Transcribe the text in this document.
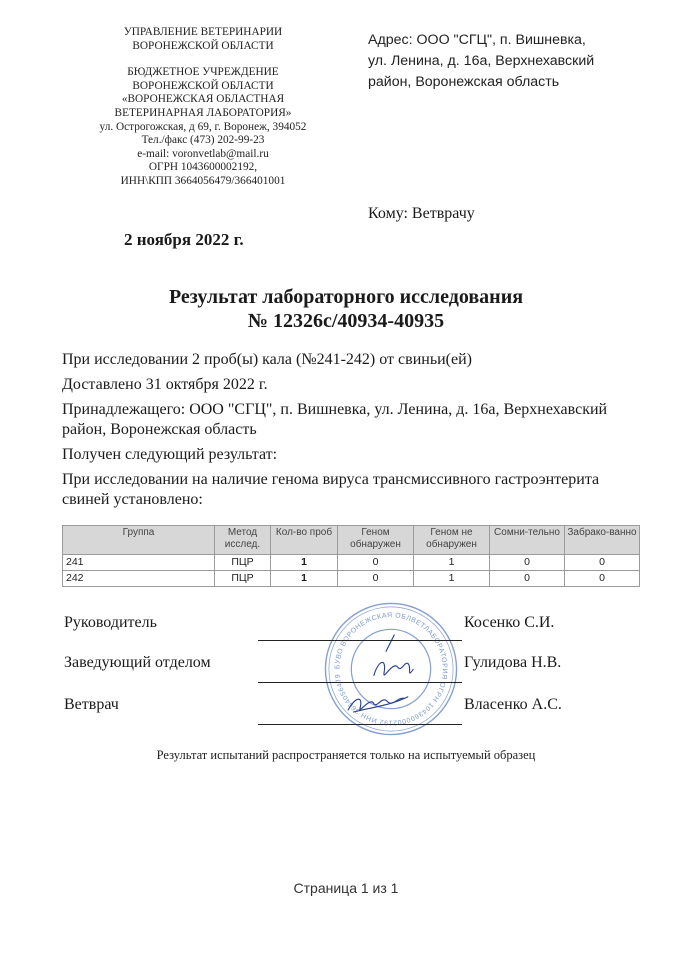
УПРАВЛЕНИЕ ВЕТЕРИНАРИИ
ВОРОНЕЖСКОЙ ОБЛАСТИ
БЮДЖЕТНОЕ УЧРЕЖДЕНИЕ
ВОРОНЕЖСКОЙ ОБЛАСТИ
«ВОРОНЕЖСКАЯ ОБЛАСТНАЯ
ВЕТЕРИНАРНАЯ ЛАБОРАТОРИЯ»
ул. Острогожская, д 69, г. Воронеж, 394052
Тел./факс (473) 202-99-23
e-mail: voronvetlab@mail.ru
ОГРН 1043600002192,
ИНН\КПП 3664056479/366401001
Адрес: ООО "СГЦ", п. Вишневка,
ул. Ленина, д. 16а, Верхнехавский
район, Воронежская область
Кому: Ветврачу
2 ноября 2022 г.
Результат лабораторного исследования
№ 12326с/40934-40935

При исследовании 2 проб(ы) кала (№241-242) от свиньи(ей)

Доставлено 31 октября 2022 г.

Принадлежащего: ООО "СГЦ", п. Вишневка, ул. Ленина, д. 16а, Верхнехавский район, Воронежская область

Получен следующий результат:

При исследовании на наличие генома вируса трансмиссивного гастроэнтерита свиней установлено:

БУВО ВОРОНЕЖСКАЯ ОБЛВЕТЛАБОРАТОРИЯ ОГРН 1043600002192 ИНН 3664056479
Группа	Метод исслед.	Кол-во проб	Геном обнаружен	Геном не обнаружен	Сомни-тельно	Забрако-ванно
241	ПЦР	1	0	1	0	0
242	ПЦР	1	0	1	0	0
Руководитель	Косенко С.И.
Заведующий отделом	Гулидова Н.В.
Ветврач	Власенко А.С.
Результат испытаний распространяется только на испытуемый образец
Страница 1 из 1
